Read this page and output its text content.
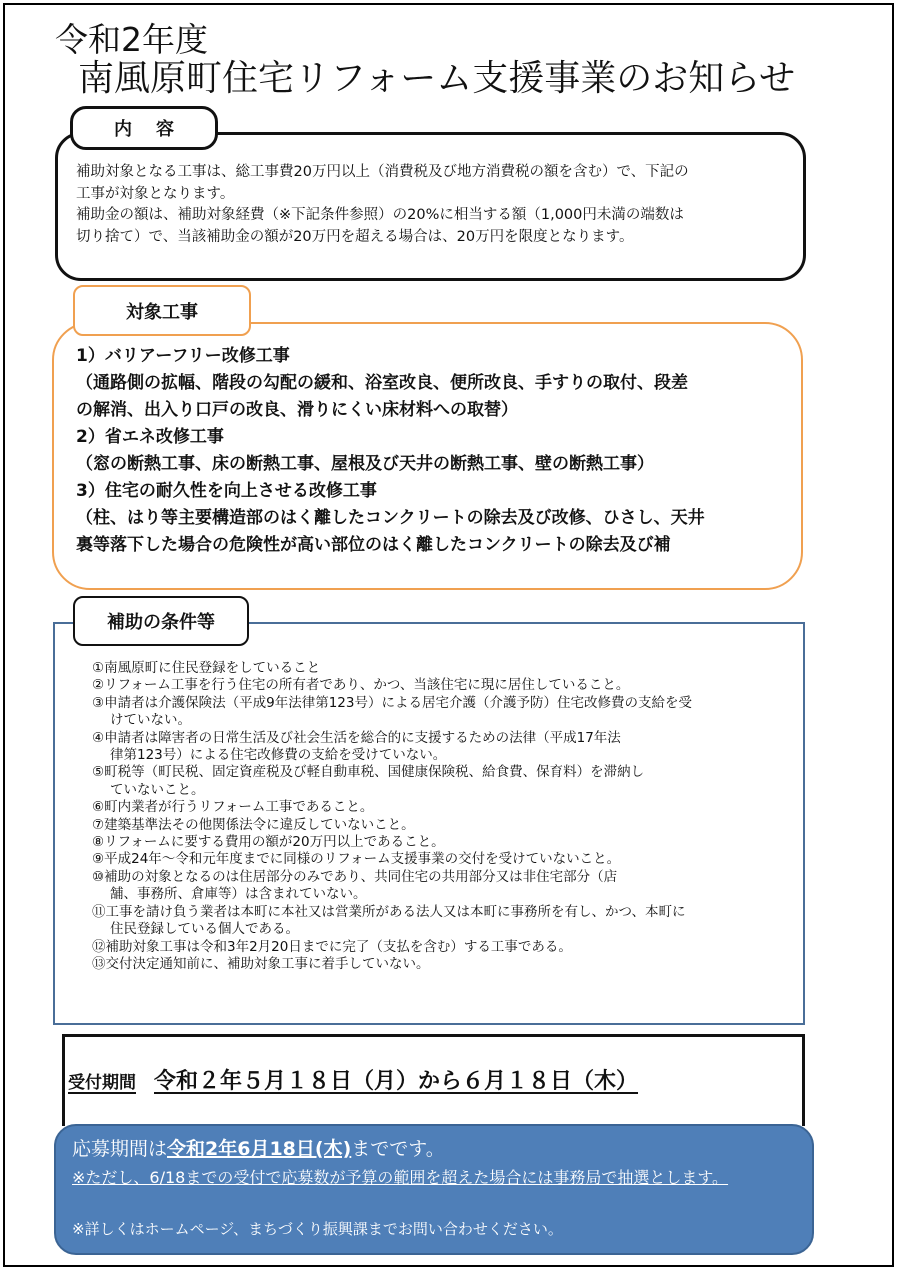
令和2年度
南風原町住宅リフォーム支援事業のお知らせ
内容

補助対象となる工事は、総工事費20万円以上（消費税及び地方消費税の額を含む）で、下記の

工事が対象となります。

補助金の額は、補助対象経費（※下記条件参照）の20%に相当する額（1,000円未満の端数は

切り捨て）で、当該補助金の額が20万円を超える場合は、20万円を限度となります。

対象工事

1）バリアーフリー改修工事

（通路側の拡幅、階段の勾配の緩和、浴室改良、便所改良、手すりの取付、段差

の解消、出入り口戸の改良、滑りにくい床材料への取替）

2）省エネ改修工事

（窓の断熱工事、床の断熱工事、屋根及び天井の断熱工事、壁の断熱工事）

3）住宅の耐久性を向上させる改修工事

（柱、はり等主要構造部のはく離したコンクリートの除去及び改修、ひさし、天井

裏等落下した場合の危険性が高い部位のはく離したコンクリートの除去及び補

補助の条件等

①南風原町に住民登録をしていること

②リフォーム工事を行う住宅の所有者であり、かつ、当該住宅に現に居住していること。

③申請者は介護保険法（平成9年法律第123号）による居宅介護（介護予防）住宅改修費の支給を受

けていない。

④申請者は障害者の日常生活及び社会生活を総合的に支援するための法律（平成17年法

律第123号）による住宅改修費の支給を受けていない。

⑤町税等（町民税、固定資産税及び軽自動車税、国健康保険税、給食費、保育料）を滞納し

ていないこと。

⑥町内業者が行うリフォーム工事であること。

⑦建築基準法その他関係法令に違反していないこと。

⑧リフォームに要する費用の額が20万円以上であること。

⑨平成24年～令和元年度までに同様のリフォーム支援事業の交付を受けていないこと。

⑩補助の対象となるのは住居部分のみであり、共同住宅の共用部分又は非住宅部分（店

舗、事務所、倉庫等）は含まれていない。

⑪工事を請け負う業者は本町に本社又は営業所がある法人又は本町に事務所を有し、かつ、本町に

住民登録している個人である。

⑫補助対象工事は令和3年2月20日までに完了（支払を含む）する工事である。

⑬交付決定通知前に、補助対象工事に着手していない。

受付期間 令和２年５月１８日（月）から６月１８日（木）
応募期間は令和2年6月18日(木)までです。
※ただし、6/18までの受付で応募数が予算の範囲を超えた場合には事務局で抽選とします。
※詳しくはホームページ、まちづくり振興課までお問い合わせください。
